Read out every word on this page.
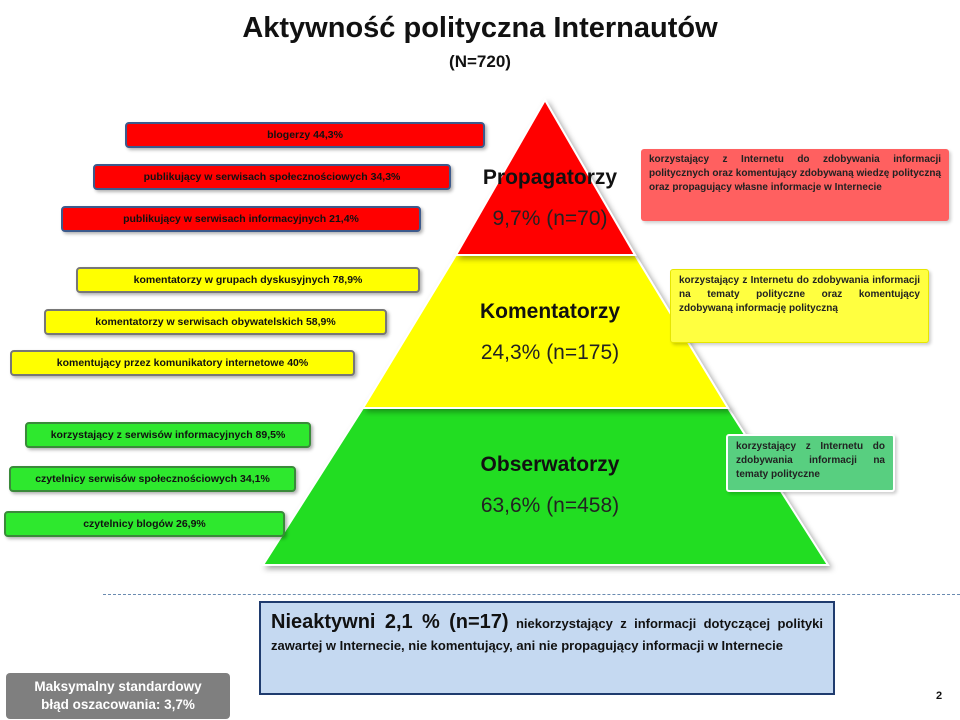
Aktywność polityczna Internautów
(N=720)
Propagatorzy
9,7% (n=70)
Komentatorzy
24,3% (n=175)
Obserwatorzy
63,6% (n=458)
blogerzy 44,3%
publikujący w serwisach społecznościowych 34,3%
publikujący w serwisach informacyjnych 21,4%
komentatorzy w grupach dyskusyjnych 78,9%
komentatorzy w serwisach obywatelskich 58,9%
komentujący przez komunikatory internetowe 40%
korzystający z serwisów informacyjnych 89,5%
czytelnicy serwisów społecznościowych 34,1%
czytelnicy blogów 26,9%
korzystający z Internetu do zdobywania informacji politycznych oraz komentujący zdobywaną wiedzę polityczną oraz propagujący własne informacje w Internecie
korzystający z Internetu do zdobywania informacji na tematy polityczne oraz komentujący zdobywaną informację polityczną
korzystający z Internetu do zdobywania informacji na tematy polityczne
Nieaktywni 2,1 % (n=17) niekorzystający z informacji dotyczącej polityki zawartej w Internecie, nie komentujący, ani nie propagujący informacji w Internecie
Maksymalny standardowy
błąd oszacowania: 3,7%
2
